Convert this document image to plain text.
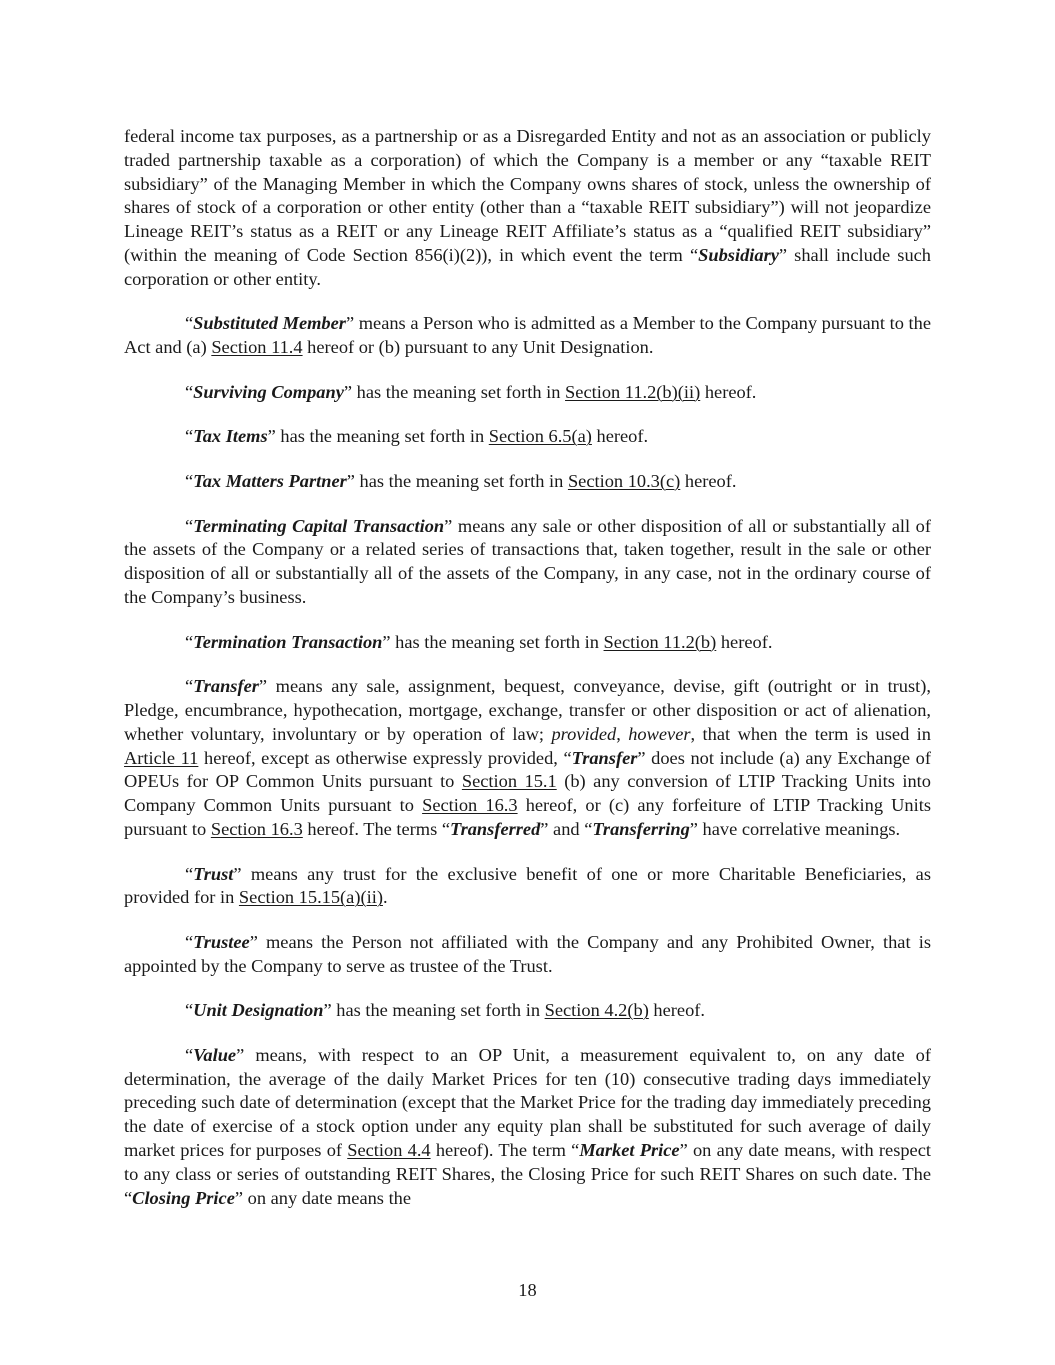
federal income tax purposes, as a partnership or as a Disregarded Entity and not as an association or publicly traded partnership taxable as a corporation) of which the Company is a member or any “taxable REIT subsidiary” of the Managing Member in which the Company owns shares of stock, unless the ownership of shares of stock of a corporation or other entity (other than a “taxable REIT subsidiary”) will not jeopardize Lineage REIT’s status as a REIT or any Lineage REIT Affiliate’s status as a “qualified REIT subsidiary” (within the meaning of Code Section 856(i)(2)), in which event the term “Subsidiary” shall include such corporation or other entity.

“Substituted Member” means a Person who is admitted as a Member to the Company pursuant to the Act and (a) Section 11.4 hereof or (b) pursuant to any Unit Designation.

“Surviving Company” has the meaning set forth in Section 11.2(b)(ii) hereof.

“Tax Items” has the meaning set forth in Section 6.5(a) hereof.

“Tax Matters Partner” has the meaning set forth in Section 10.3(c) hereof.

“Terminating Capital Transaction” means any sale or other disposition of all or substantially all of the assets of the Company or a related series of transactions that, taken together, result in the sale or other disposition of all or substantially all of the assets of the Company, in any case, not in the ordinary course of the Company’s business.

“Termination Transaction” has the meaning set forth in Section 11.2(b) hereof.

“Transfer” means any sale, assignment, bequest, conveyance, devise, gift (outright or in trust), Pledge, encumbrance, hypothecation, mortgage, exchange, transfer or other disposition or act of alienation, whether voluntary, involuntary or by operation of law; provided, however, that when the term is used in Article 11 hereof, except as otherwise expressly provided, “Transfer” does not include (a) any Exchange of OPEUs for OP Common Units pursuant to Section 15.1 (b) any conversion of LTIP Tracking Units into Company Common Units pursuant to Section 16.3 hereof, or (c) any forfeiture of LTIP Tracking Units pursuant to Section 16.3 hereof. The terms “Transferred” and “Transferring” have correlative meanings.

“Trust” means any trust for the exclusive benefit of one or more Charitable Beneficiaries, as provided for in Section 15.15(a)(ii).

“Trustee” means the Person not affiliated with the Company and any Prohibited Owner, that is appointed by the Company to serve as trustee of the Trust.

“Unit Designation” has the meaning set forth in Section 4.2(b) hereof.

“Value” means, with respect to an OP Unit, a measurement equivalent to, on any date of determination, the average of the daily Market Prices for ten (10) consecutive trading days immediately preceding such date of determination (except that the Market Price for the trading day immediately preceding the date of exercise of a stock option under any equity plan shall be substituted for such average of daily market prices for purposes of Section 4.4 hereof). The term “Market Price” on any date means, with respect to any class or series of outstanding REIT Shares, the Closing Price for such REIT Shares on such date. The “Closing Price” on any date means the

18
